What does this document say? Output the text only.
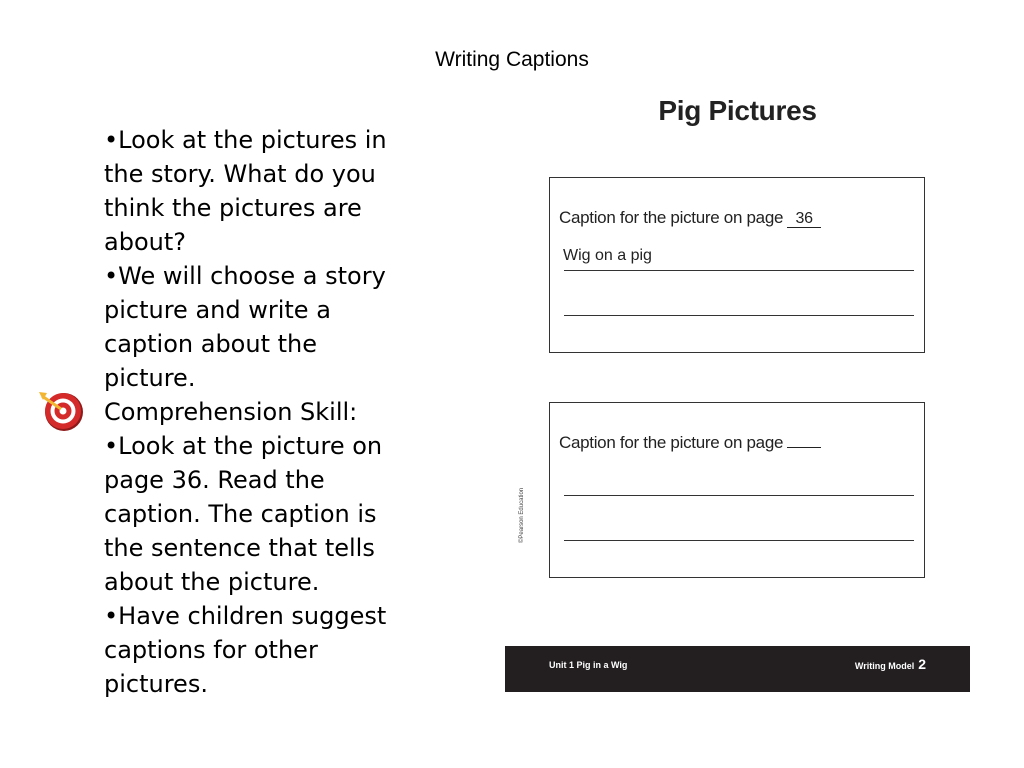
Writing Captions

•Look at the pictures in

the story. What do you

think the pictures are

about?

•We will choose a story

picture and write a

caption about the

picture.

Comprehension Skill:

•Look at the picture on

page 36. Read the

caption. The caption is

the sentence that tells

about the picture.

•Have children suggest

captions for other

pictures.

Pig Pictures
Caption for the picture on page 36
Wig on a pig
Caption for the picture on page
©Pearson Education
Unit 1 Pig in a Wig	Writing Model 2
